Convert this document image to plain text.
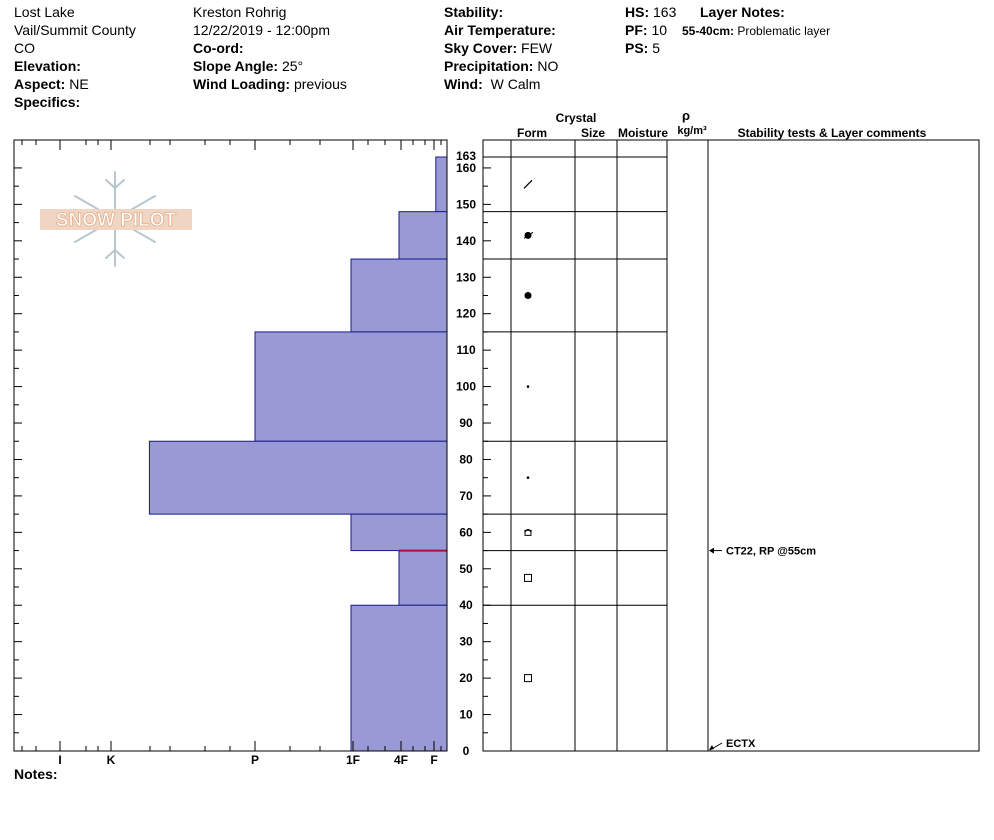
Lost Lake
Vail/Summit County
CO
Elevation:
Aspect: NE
Specifics:
Kreston Rohrig
12/22/2019 - 12:00pm
Co-ord:
Slope Angle: 25°
Wind Loading: previous
Stability:
Air Temperature:
Sky Cover: FEW
Precipitation: NO
Wind: W Calm
HS: 163
PF: 10
PS: 5
Layer Notes:
55-40cm: Problematic layer
Notes:
SNOW PILOT
I	K	P	1F	4F F
0
10
20
30
40
50
60
70
80
90
100
110
120
130
140
150
160
163
Crystal
Form	Size Moisture
ρ
kg/m³	Stability tests & Layer comments
CT22, RP @55cm
ECTX
